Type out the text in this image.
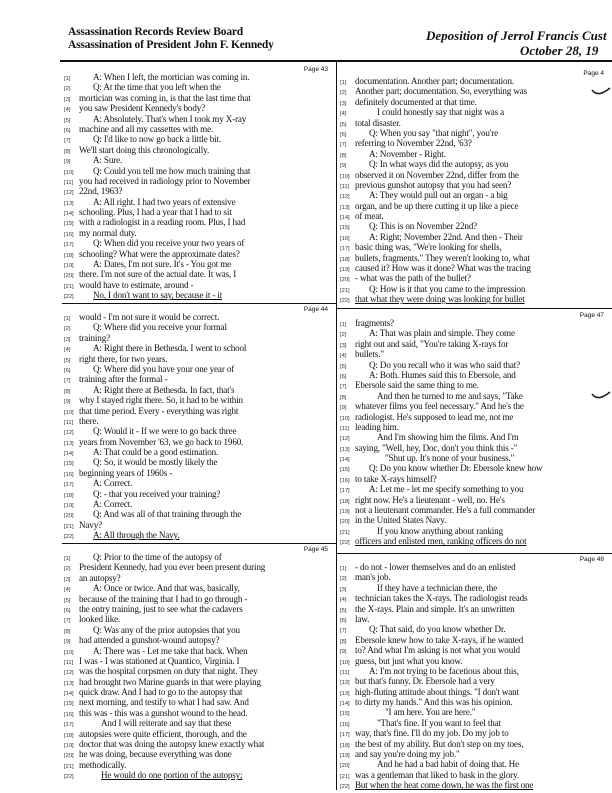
Assassination Records Review Board
Assassination of President John F. Kennedy
Deposition of Jerrol Francis Cust
October 28, 19
Page 43
[1]	A: When I left, the mortician was coming in.
[2]	Q: At the time that you left when the
[3] mortician was coming in, is that the last time that
[4] you saw President Kennedy's body?
[5]	A: Absolutely. That's when I took my X-ray
[6] machine and all my cassettes with me.
[7]	Q: I'd like to now go back a little bit.
[8] We'll start doing this chronologically.
[9]	A: Sure.
[10]	Q: Could you tell me how much training that
[11] you had received in radiology prior to November
[12] 22nd, 1963?
[13]	A: All right. I had two years of extensive
[14] schooling. Plus, I had a year that I had to sit
[15] with a radiologist in a reading room. Plus, I had
[16] my normal duty.
[17]	Q: When did you receive your two years of
[18] schooling? What were the approximate dates?
[19]	A: Dates, I'm not sure. It's - You got me
[20] there. I'm not sure of the actual date. It was, I
[21] would have to estimate, around -
[22]	No, I don't want to say, because it - it
Page 4
[1] documentation. Another part; documentation.
[2] Another part; documentation. So, everything was
[3] definitely documented at that time.
[4]	I could honestly say that night was a
[5] total disaster.
[6]	Q: When you say "that night", you're
[7] referring to November 22nd, '63?
[8]	A: November - Right.
[9]	Q: In what ways did the autopsy, as you
[10] observed it on November 22nd, differ from the
[11] previous gunshot autopsy that you had seen?
[12]	A: They would pull out an organ - a big
[13] organ, and be up there cutting it up like a piece
[14] of meat.
[15]	Q: This is on November 22nd?
[16]	A: Right; November 22nd. And then - Their
[17] basic thing was, "We're looking for shells,
[18] bullets, fragments." They weren't looking to, what
[19] caused it? How was it done? What was the tracing
[20] - what was the path of the bullet?
[21]	Q: How is it that you came to the impression
[22] that what they were doing was looking for bullet
Page 44
[1] would - I'm not sure it would be correct.
[2]	Q: Where did you receive your formal
[3] training?
[4]	A: Right there in Bethesda. I went to school
[5] right there, for two years.
[6]	Q: Where did you have your one year of
[7] training after the formal -
[8]	A: Right there at Bethesda. In fact, that's
[9] why I stayed right there. So, it had to be within
[10] that time period. Every - everything was right
[11] there.
[12]	Q: Would it - If we were to go back three
[13] years from November '63, we go back to 1960.
[14]	A: That could be a good estimation.
[15]	Q: So, it would be mostly likely the
[16] beginning years of 1960s -
[17]	A: Correct.
[18]	Q: - that you received your training?
[19]	A: Correct.
[20]	Q: And was all of that training through the
[21] Navy?
[22]	A: All through the Navy.
Page 47
[1] fragments?
[2]	A: That was plain and simple. They come
[3] right out and said, "You're taking X-rays for
[4] bullets."
[5]	Q: Do you recall who it was who said that?
[6]	A: Both. Humes said this to Ebersole, and
[7] Ebersole said the same thing to me.
[8]	And then he turned to me and says, "Take
[9] whatever films you feel necessary." And he's the
[10] radiologist. He's supposed to lead me, not me
[11] leading him.
[12]	And I'm showing him the films. And I'm
[13] saying, "Well, hey, Doc, don't you think this -"
[14]	"Shut up. It's none of your business."
[15]	Q: Do you know whether Dr. Ebersole knew how
[16] to take X-rays himself?
[17]	A: Let me - let me specify something to you
[18] right now. He's a lieutenant - well, no. He's
[19] not a lieutenant commander. He's a full commander
[20] in the United States Navy.
[21]	If you know anything about ranking
[22] officers and enlisted men, ranking officers do not
Page 45
[1]	Q: Prior to the time of the autopsy of
[2] President Kennedy, had you ever been present during
[3] an autopsy?
[4]	A: Once or twice. And that was, basically,
[5] because of the training that I had to go through -
[6] the entry training, just to see what the cadavers
[7] looked like.
[8]	Q: Was any of the prior autopsies that you
[9] had attended a gunshot-wound autopsy?
[10]	A: There was - Let me take that back. When
[11] I was - I was stationed at Quantico, Virginia. I
[12] was the hospital corpsmen on duty that night. They
[13] had brought two Marine guards in that were playing
[14] quick draw. And I had to go to the autopsy that
[15] next morning, and testify to what I had saw. And
[16] this was - this was a gunshot wound to the head.
[17]	And I will reiterate and say that these
[18] autopsies were quite efficient, thorough, and the
[19] doctor that was doing the autopsy knew exactly what
[20] he was doing, because everything was done
[21] methodically.
[22]	He would do one portion of the autopsy;
Page 48
[1] - do not - lower themselves and do an enlisted
[2] man's job.
[3]	If they have a technician there, the
[4] technician takes the X-rays. The radiologist reads
[5] the X-rays. Plain and simple. It's an unwritten
[6] law.
[7]	Q: That said, do you know whether Dr.
[8] Ebersole knew how to take X-rays, if he wanted
[9] to? And what I'm asking is not what you would
[10] guess, but just what you know.
[11]	A: I'm not trying to be facetious about this,
[12] but that's funny. Dr. Ebersole had a very
[13] high-fluting attitude about things. "I don't want
[14] to dirty my hands." And this was his opinion.
[15]	"I am here. You are here."
[16]	"That's fine. If you want to feel that
[17] way, that's fine. I'll do my job. Do my job to
[18] the best of my ability. But don't step on my toes,
[19] and say you're doing my job."
[20]	And he had a bad habit of doing that. He
[21] was a gentleman that liked to bask in the glory.
[22] But when the heat come down, he was the first one
